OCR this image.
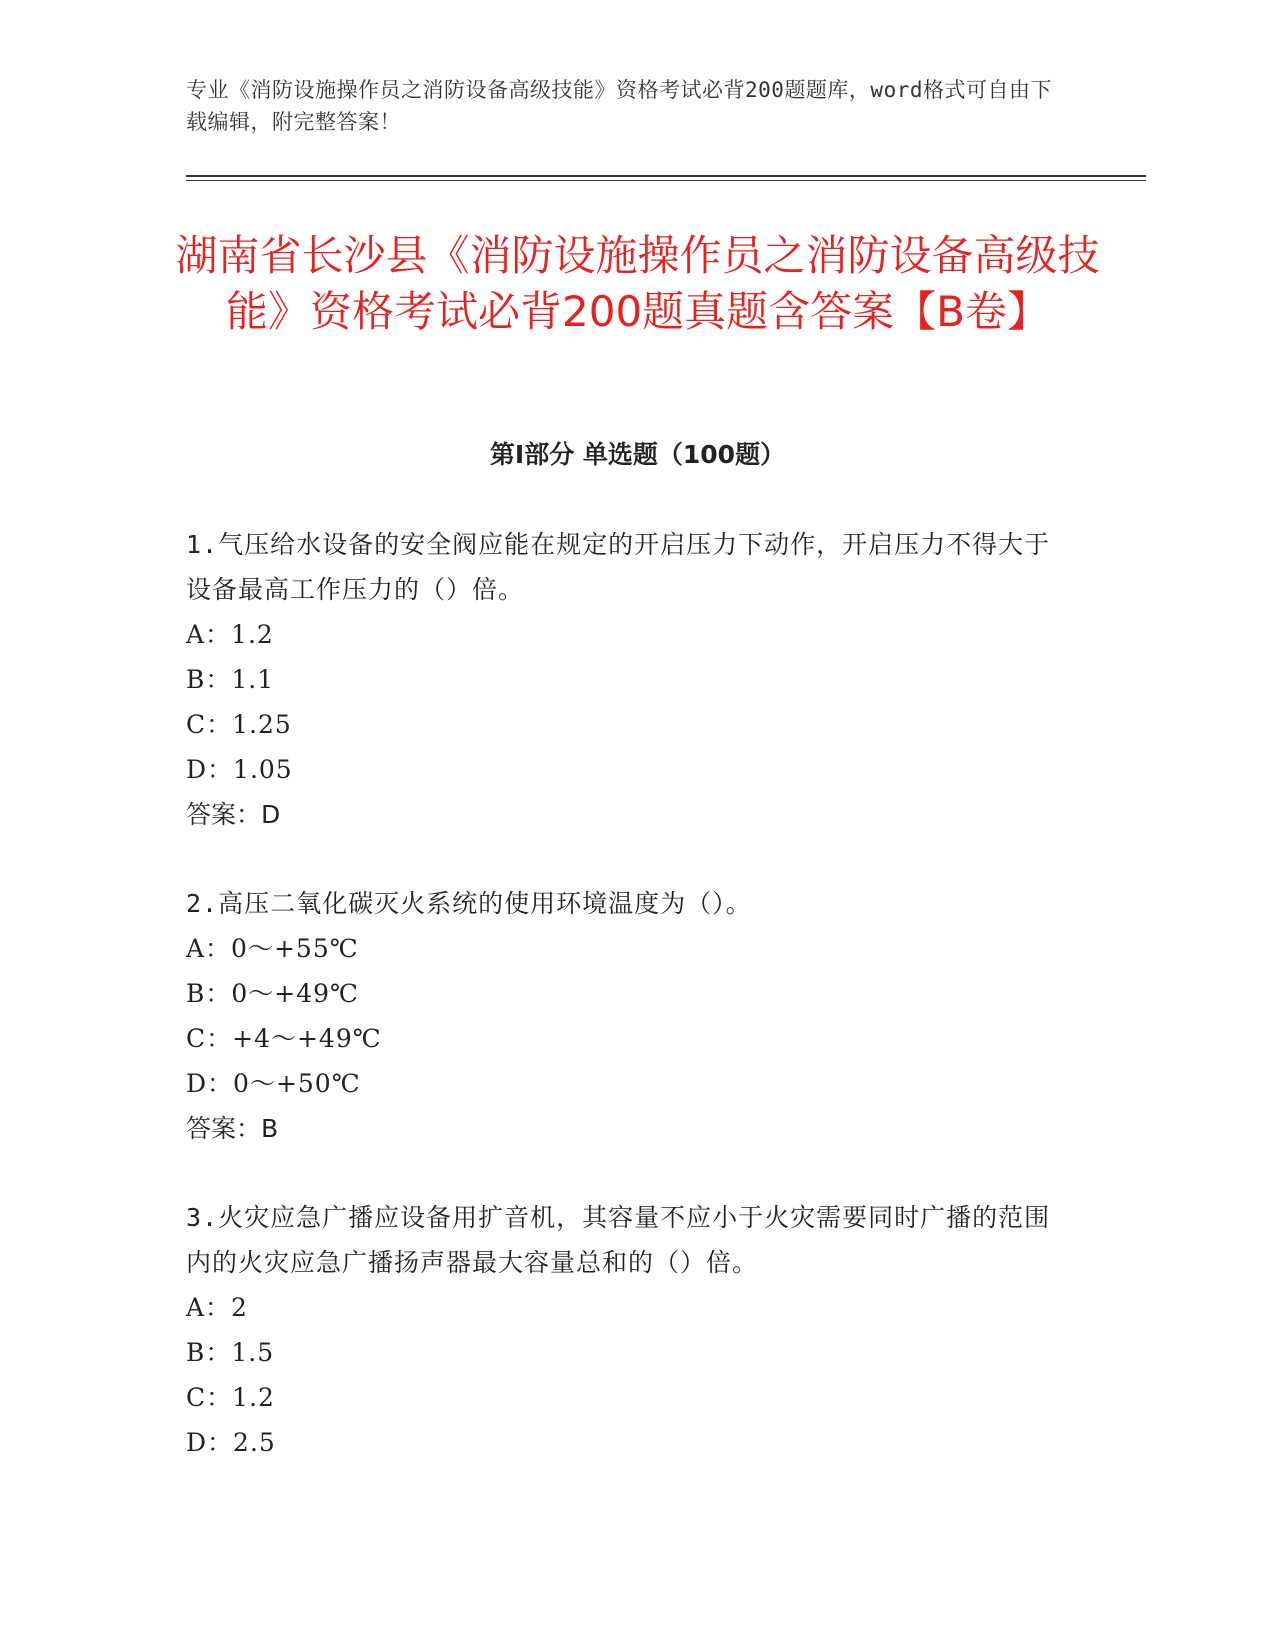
专业《消防设施操作员之消防设备高级技能》资格考试必背200题题库，word格式可自由下载编辑，附完整答案！
湖南省长沙县《消防设施操作员之消防设备高级技能》资格考试必背200题真题含答案【B卷】
第I部分 单选题（100题）

1.气压给水设备的安全阀应能在规定的开启压力下动作，开启压力不得大于设备最高工作压力的（）倍。

A：1.2

B：1.1

C：1.25

D：1.05

答案：D

2.高压二氧化碳灭火系统的使用环境温度为（）。

A：0～+55℃

B：0～+49℃

C：+4～+49℃

D：0～+50℃

答案：B

3.火灾应急广播应设备用扩音机，其容量不应小于火灾需要同时广播的范围内的火灾应急广播扬声器最大容量总和的（）倍。

A：2

B：1.5

C：1.2

D：2.5
